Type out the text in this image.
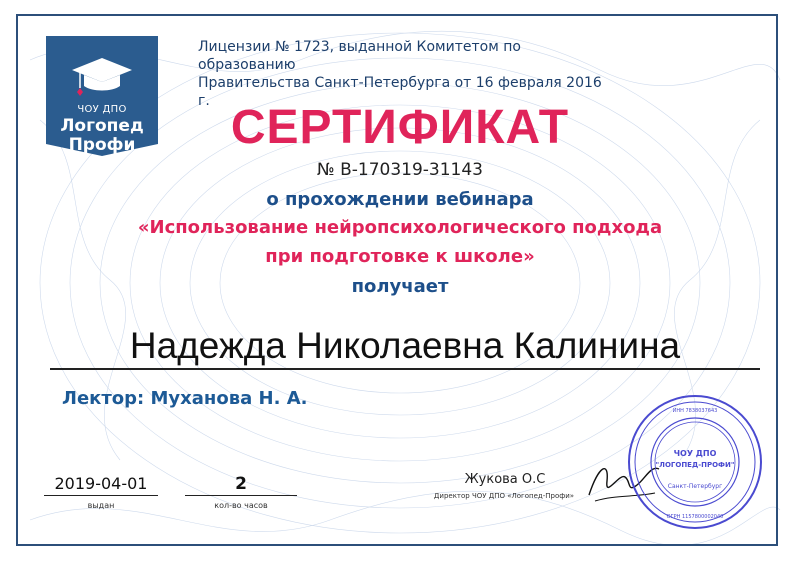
ЧОУ ДПО
Логопед
Профи
Лицензии № 1723, выданной Комитетом по образованию
Правительства Санкт-Петербурга от 16 февраля 2016 г. СЕРТИФИКАТ
№ В-170319-31143
о прохождении вебинара
«Использование нейропсихологического подхода
при подготовке к школе»
получает
Надежда Николаевна Калинина
Лектор: Муханова Н. А.
2019-04-01
выдан
2
кол-во часов
Жукова О.С
Директор ЧОУ ДПО «Логопед-Профи»
ЧОУ ДПО
"ЛОГОПЕД-ПРОФИ"
Санкт-Петербург
ИНН 7838037643
ОГРН 1157800002040
